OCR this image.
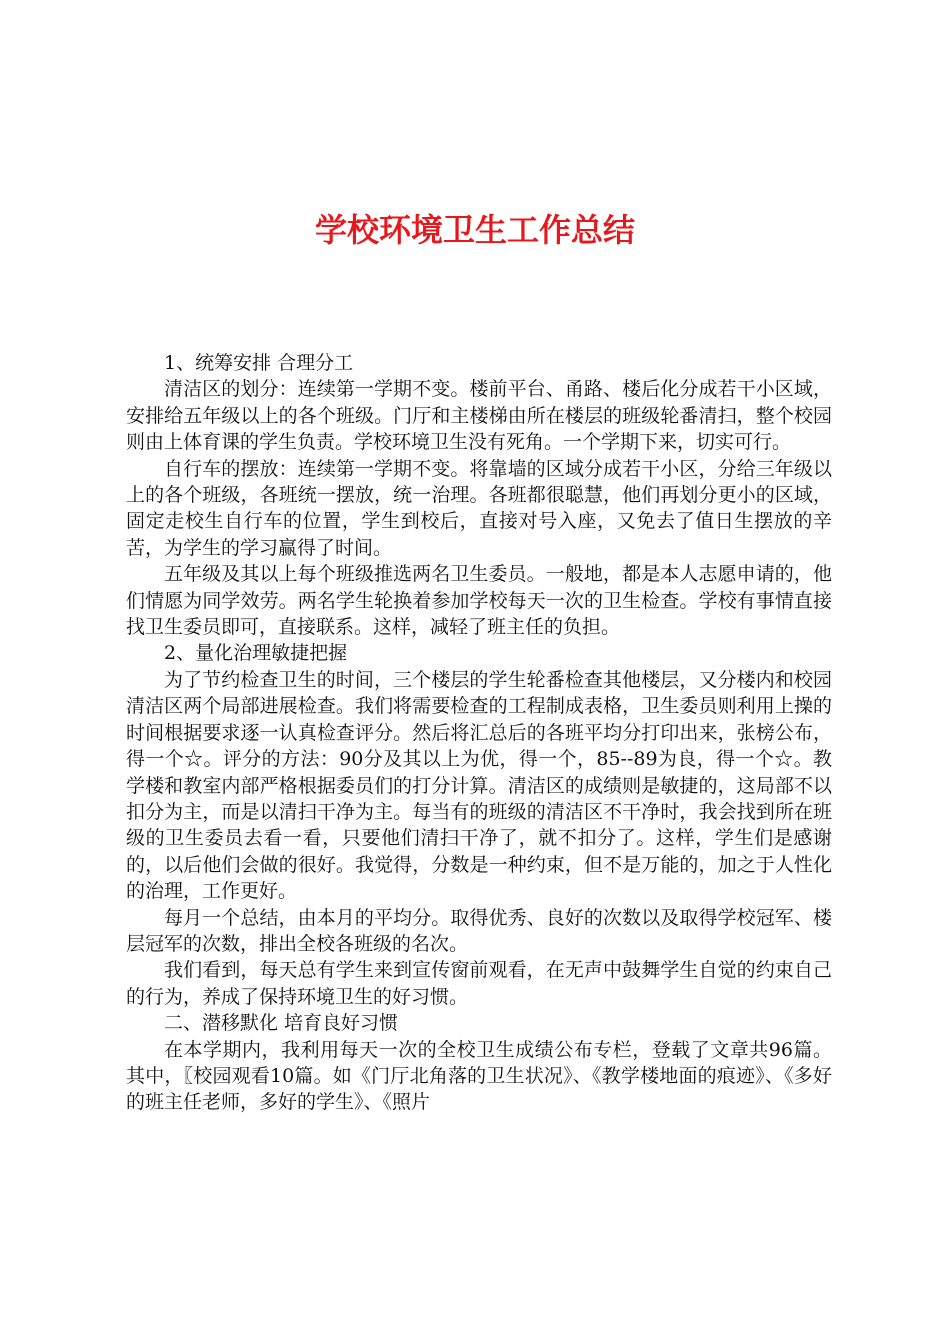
学校环境卫生工作总结

1、统筹安排 合理分工

清洁区的划分：连续第一学期不变。楼前平台、甬路、楼后化分成若干小区域，安排给五年级以上的各个班级。门厅和主楼梯由所在楼层的班级轮番清扫，整个校园则由上体育课的学生负责。学校环境卫生没有死角。一个学期下来，切实可行。

自行车的摆放：连续第一学期不变。将靠墙的区域分成若干小区，分给三年级以上的各个班级，各班统一摆放，统一治理。各班都很聪慧，他们再划分更小的区域，固定走校生自行车的位置，学生到校后，直接对号入座，又免去了值日生摆放的辛苦，为学生的学习赢得了时间。

五年级及其以上每个班级推选两名卫生委员。一般地，都是本人志愿申请的，他们情愿为同学效劳。两名学生轮换着参加学校每天一次的卫生检查。学校有事情直接找卫生委员即可，直接联系。这样，减轻了班主任的负担。

2、量化治理敏捷把握

为了节约检查卫生的时间，三个楼层的学生轮番检查其他楼层，又分楼内和校园清洁区两个局部进展检查。我们将需要检查的工程制成表格，卫生委员则利用上操的时间根据要求逐一认真检查评分。然后将汇总后的各班平均分打印出来，张榜公布，得一个☆。评分的方法：90分及其以上为优，得一个，85--89为良，得一个☆。教学楼和教室内部严格根据委员们的打分计算。清洁区的成绩则是敏捷的，这局部不以扣分为主，而是以清扫干净为主。每当有的班级的清洁区不干净时，我会找到所在班级的卫生委员去看一看，只要他们清扫干净了，就不扣分了。这样，学生们是感谢的，以后他们会做的很好。我觉得，分数是一种约束，但不是万能的，加之于人性化的治理，工作更好。

每月一个总结，由本月的平均分。取得优秀、良好的次数以及取得学校冠军、楼层冠军的次数，排出全校各班级的名次。

我们看到，每天总有学生来到宣传窗前观看，在无声中鼓舞学生自觉的约束自己的行为，养成了保持环境卫生的好习惯。

二、潜移默化 培育良好习惯

在本学期内，我利用每天一次的全校卫生成绩公布专栏，登载了文章共96篇。其中，〖校园观看10篇。如《门厅北角落的卫生状况》、《教学楼地面的痕迹》、《多好的班主任老师，多好的学生》、《照片
